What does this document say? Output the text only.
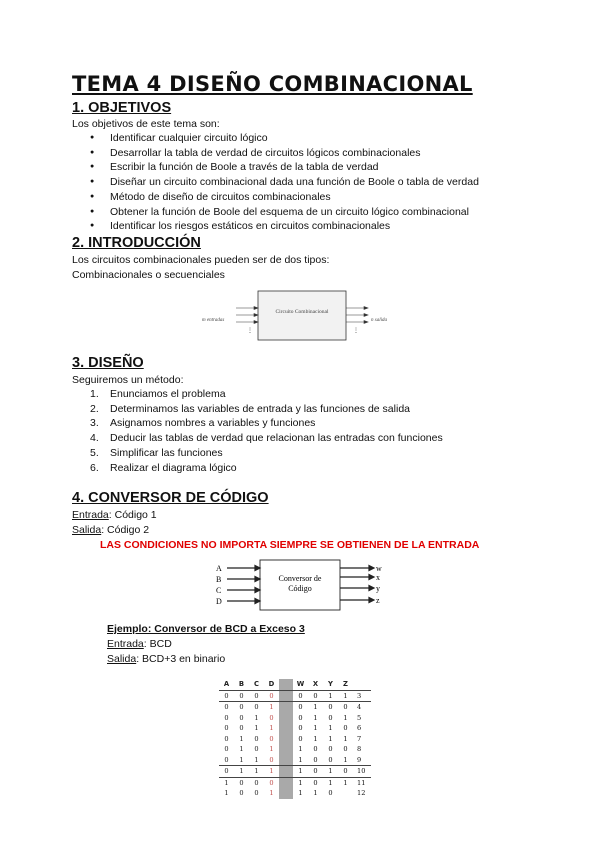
TEMA 4 DISEÑO COMBINACIONAL
1. OBJETIVOS
Los objetivos de este tema son:
● Identificar cualquier circuito lógico
● Desarrollar la tabla de verdad de circuitos lógicos combinacionales
● Escribir la función de Boole a través de la tabla de verdad
● Diseñar un circuito combinacional dada una función de Boole o tabla de verdad
● Método de diseño de circuitos combinacionales
● Obtener la función de Boole del esquema de un circuito lógico combinacional
● Identificar los riesgos estáticos en circuitos combinacionales
2. INTRODUCCIÓN
Los circuitos combinacionales pueden ser de dos tipos:
Combinacionales o secuenciales
Circuito Combinacional
m entradas
⋮	⋮
n salida
3. DISEÑO
Seguiremos un método:
1. Enunciamos el problema
2. Determinamos las variables de entrada y las funciones de salida
3. Asignamos nombres a variables y funciones
4. Deducir las tablas de verdad que relacionan las entradas con funciones
5. Simplificar las funciones
6. Realizar el diagrama lógico
4. CONVERSOR DE CÓDIGO
Entrada: Código 1
Salida: Código 2
LAS CONDICIONES NO IMPORTA SIEMPRE SE OBTIENEN DE LA ENTRADA
Conversor de
Código
A
B
C
D
w
x
y
z
Ejemplo: Conversor de BCD a Exceso 3
Entrada: BCD
Salida: BCD+3 en binario
A	B	C	D		W	X	Y	Z	
0	0	0	0		0	0	1	1	3
0	0	0	1		0	1	0	0	4
0	0	1	0		0	1	0	1	5
0	0	1	1		0	1	1	0	6
0	1	0	0		0	1	1	1	7
0	1	0	1		1	0	0	0	8
0	1	1	0		1	0	0	1	9
0	1	1	1		1	0	1	0	10
1	0	0	0		1	0	1	1	11
1	0	0	1		1	1	0		12
